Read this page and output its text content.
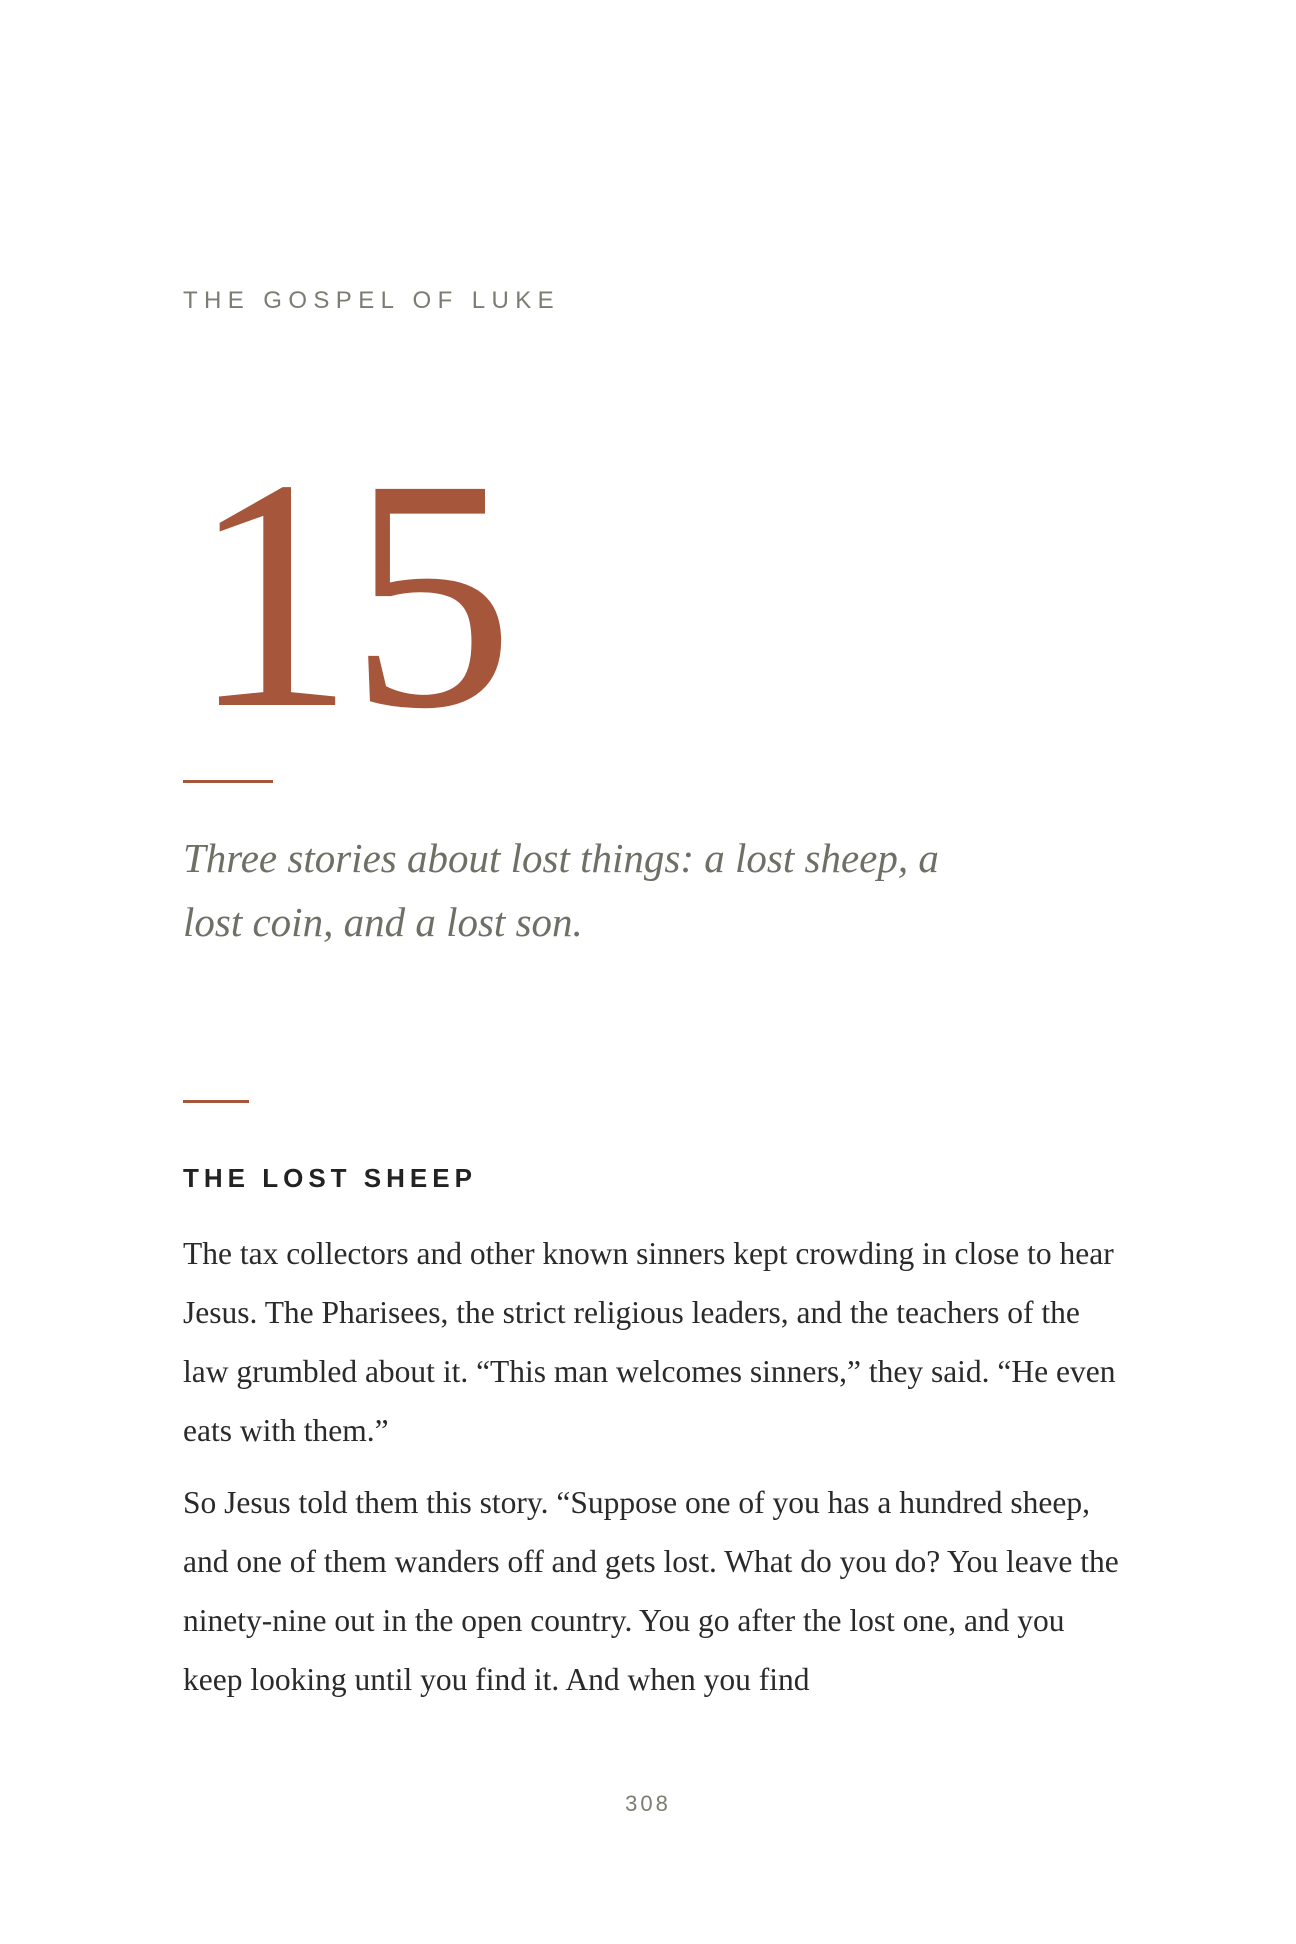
THE GOSPEL OF LUKE
15
Three stories about lost things: a lost sheep, a lost coin, and a lost son.
THE LOST SHEEP

The tax collectors and other known sinners kept crowding in close to hear Jesus. The Pharisees, the strict religious leaders, and the teachers of the law grumbled about it. “This man welcomes sinners,” they said. “He even eats with them.”

So Jesus told them this story. “Suppose one of you has a hundred sheep, and one of them wanders off and gets lost. What do you do? You leave the ninety-nine out in the open country. You go after the lost one, and you keep looking until you find it. And when you find

308
